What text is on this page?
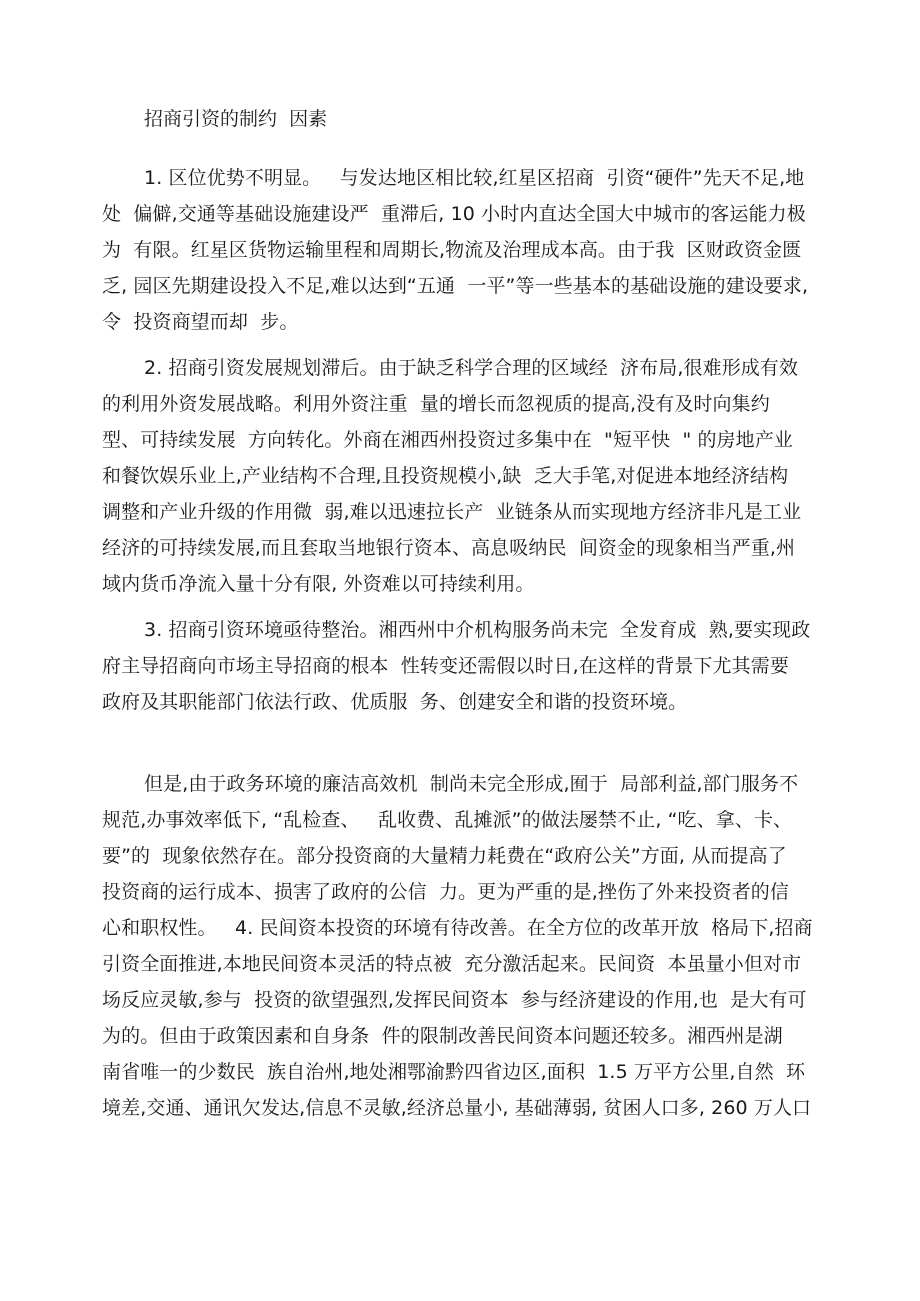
招商引资的制约  因素
1. 区位优势不明显。   与发达地区相比较,红星区招商  引资“硬件”先天不足,地
处  偏僻,交通等基础设施建设严  重滞后, 10 小时内直达全国大中城市的客运能力极
为  有限。红星区货物运输里程和周期长,物流及治理成本高。由于我  区财政资金匮
乏, 园区先期建设投入不足,难以达到“五通  一平”等一些基本的基础设施的建设要求,
令  投资商望而却  步。
2. 招商引资发展规划滞后。由于缺乏科学合理的区域经  济布局,很难形成有效
的利用外资发展战略。利用外资注重  量的增长而忽视质的提高,没有及时向集约
型、可持续发展  方向转化。外商在湘西州投资过多集中在  "短平快  " 的房地产业
和餐饮娱乐业上,产业结构不合理,且投资规模小,缺  乏大手笔,对促进本地经济结构
调整和产业升级的作用微  弱,难以迅速拉长产  业链条从而实现地方经济非凡是工业
经济的可持续发展,而且套取当地银行资本、高息吸纳民  间资金的现象相当严重,州
域内货币净流入量十分有限, 外资难以可持续利用。
3. 招商引资环境亟待整治。湘西州中介机构服务尚未完  全发育成  熟,要实现政
府主导招商向市场主导招商的根本  性转变还需假以时日,在这样的背景下尤其需要
政府及其职能部门依法行政、优质服  务、创建安全和谐的投资环境。
但是,由于政务环境的廉洁高效机  制尚未完全形成,囿于  局部利益,部门服务不
规范,办事效率低下, “乱检查、   乱收费、乱摊派”的做法屡禁不止, “吃、拿、卡、
要”的  现象依然存在。部分投资商的大量精力耗费在“政府公关”方面, 从而提高了
投资商的运行成本、损害了政府的公信  力。更为严重的是,挫伤了外来投资者的信
心和职权性。   4. 民间资本投资的环境有待改善。在全方位的改革开放  格局下,招商
引资全面推进,本地民间资本灵活的特点被  充分激活起来。民间资  本虽量小但对市
场反应灵敏,参与  投资的欲望强烈,发挥民间资本  参与经济建设的作用,也  是大有可
为的。但由于政策因素和自身条  件的限制改善民间资本问题还较多。湘西州是湖
南省唯一的少数民  族自治州,地处湘鄂渝黔四省边区,面积  1.5 万平方公里,自然  环
境差,交通、通讯欠发达,信息不灵敏,经济总量小, 基础薄弱, 贫困人口多, 260 万人口
